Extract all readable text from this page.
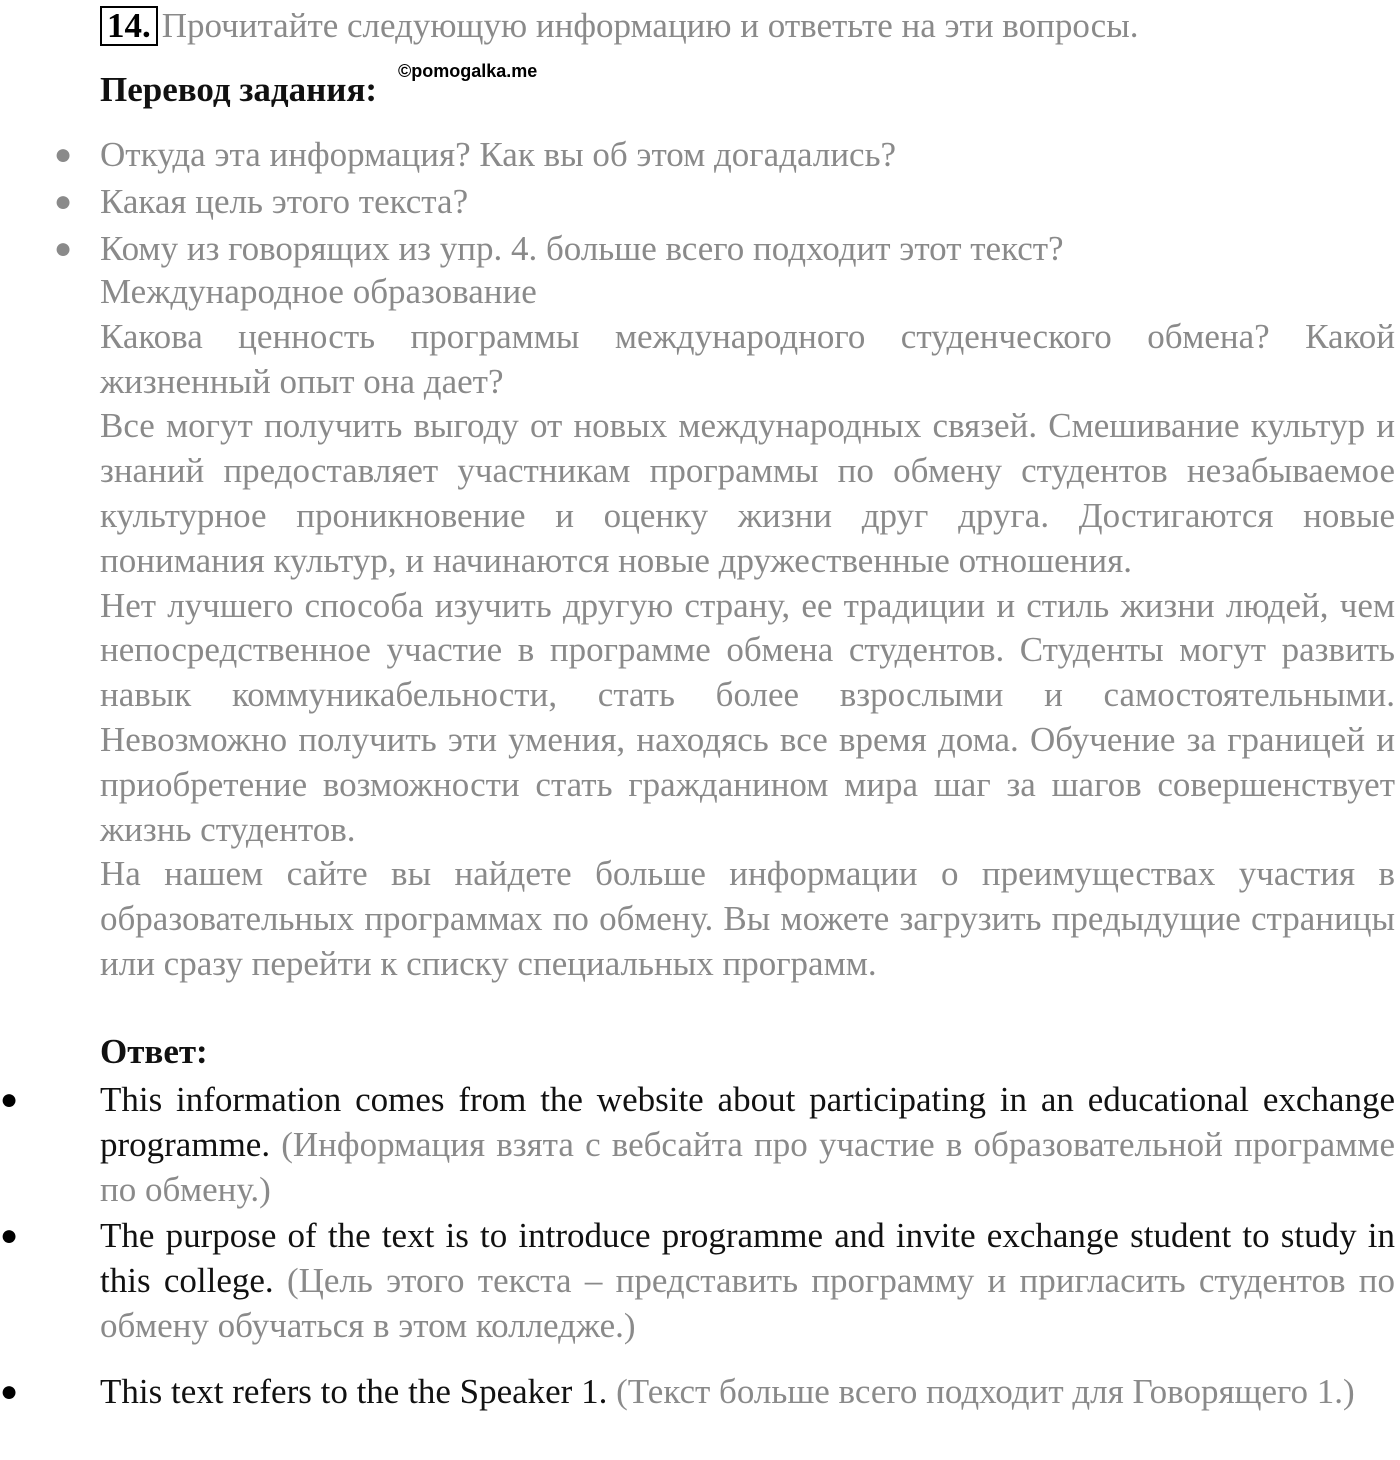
14. Прочитайте следующую информацию и ответьте на эти вопросы.
Перевод задания: ©pomogalka.me
● Откуда эта информация? Как вы об этом догадались?
● Какая цель этого текста?
● Кому из говорящих из упр. 4. больше всего подходит этот текст?

Международное образование

Какова ценность программы международного студенческого обмена? Какой жизненный опыт она дает?

Все могут получить выгоду от новых международных связей. Смешивание культур и знаний предоставляет участникам программы по обмену студентов незабываемое культурное проникновение и оценку жизни друг друга. Достигаются новые понимания культур, и начинаются новые дружественные отношения.

Нет лучшего способа изучить другую страну, ее традиции и стиль жизни людей, чем непосредственное участие в программе обмена студентов. Студенты могут развить навык коммуникабельности, стать более взрослыми и самостоятельными. Невозможно получить эти умения, находясь все время дома. Обучение за границей и приобретение возможности стать гражданином мира шаг за шагов совершенствует жизнь студентов.

На нашем сайте вы найдете больше информации о преимуществах участия в образовательных программах по обмену. Вы можете загрузить предыдущие страницы или сразу перейти к списку специальных программ.

Ответ:
● This information comes from the website about participating in an educational exchange programme. (Информация взята с вебсайта про участие в образовательной программе по обмену.)
● The purpose of the text is to introduce programme and invite exchange student to study in this college. (Цель этого текста – представить программу и пригласить студентов по обмену обучаться в этом колледже.)
● This text refers to the the Speaker 1. (Текст больше всего подходит для Говорящего 1.)
